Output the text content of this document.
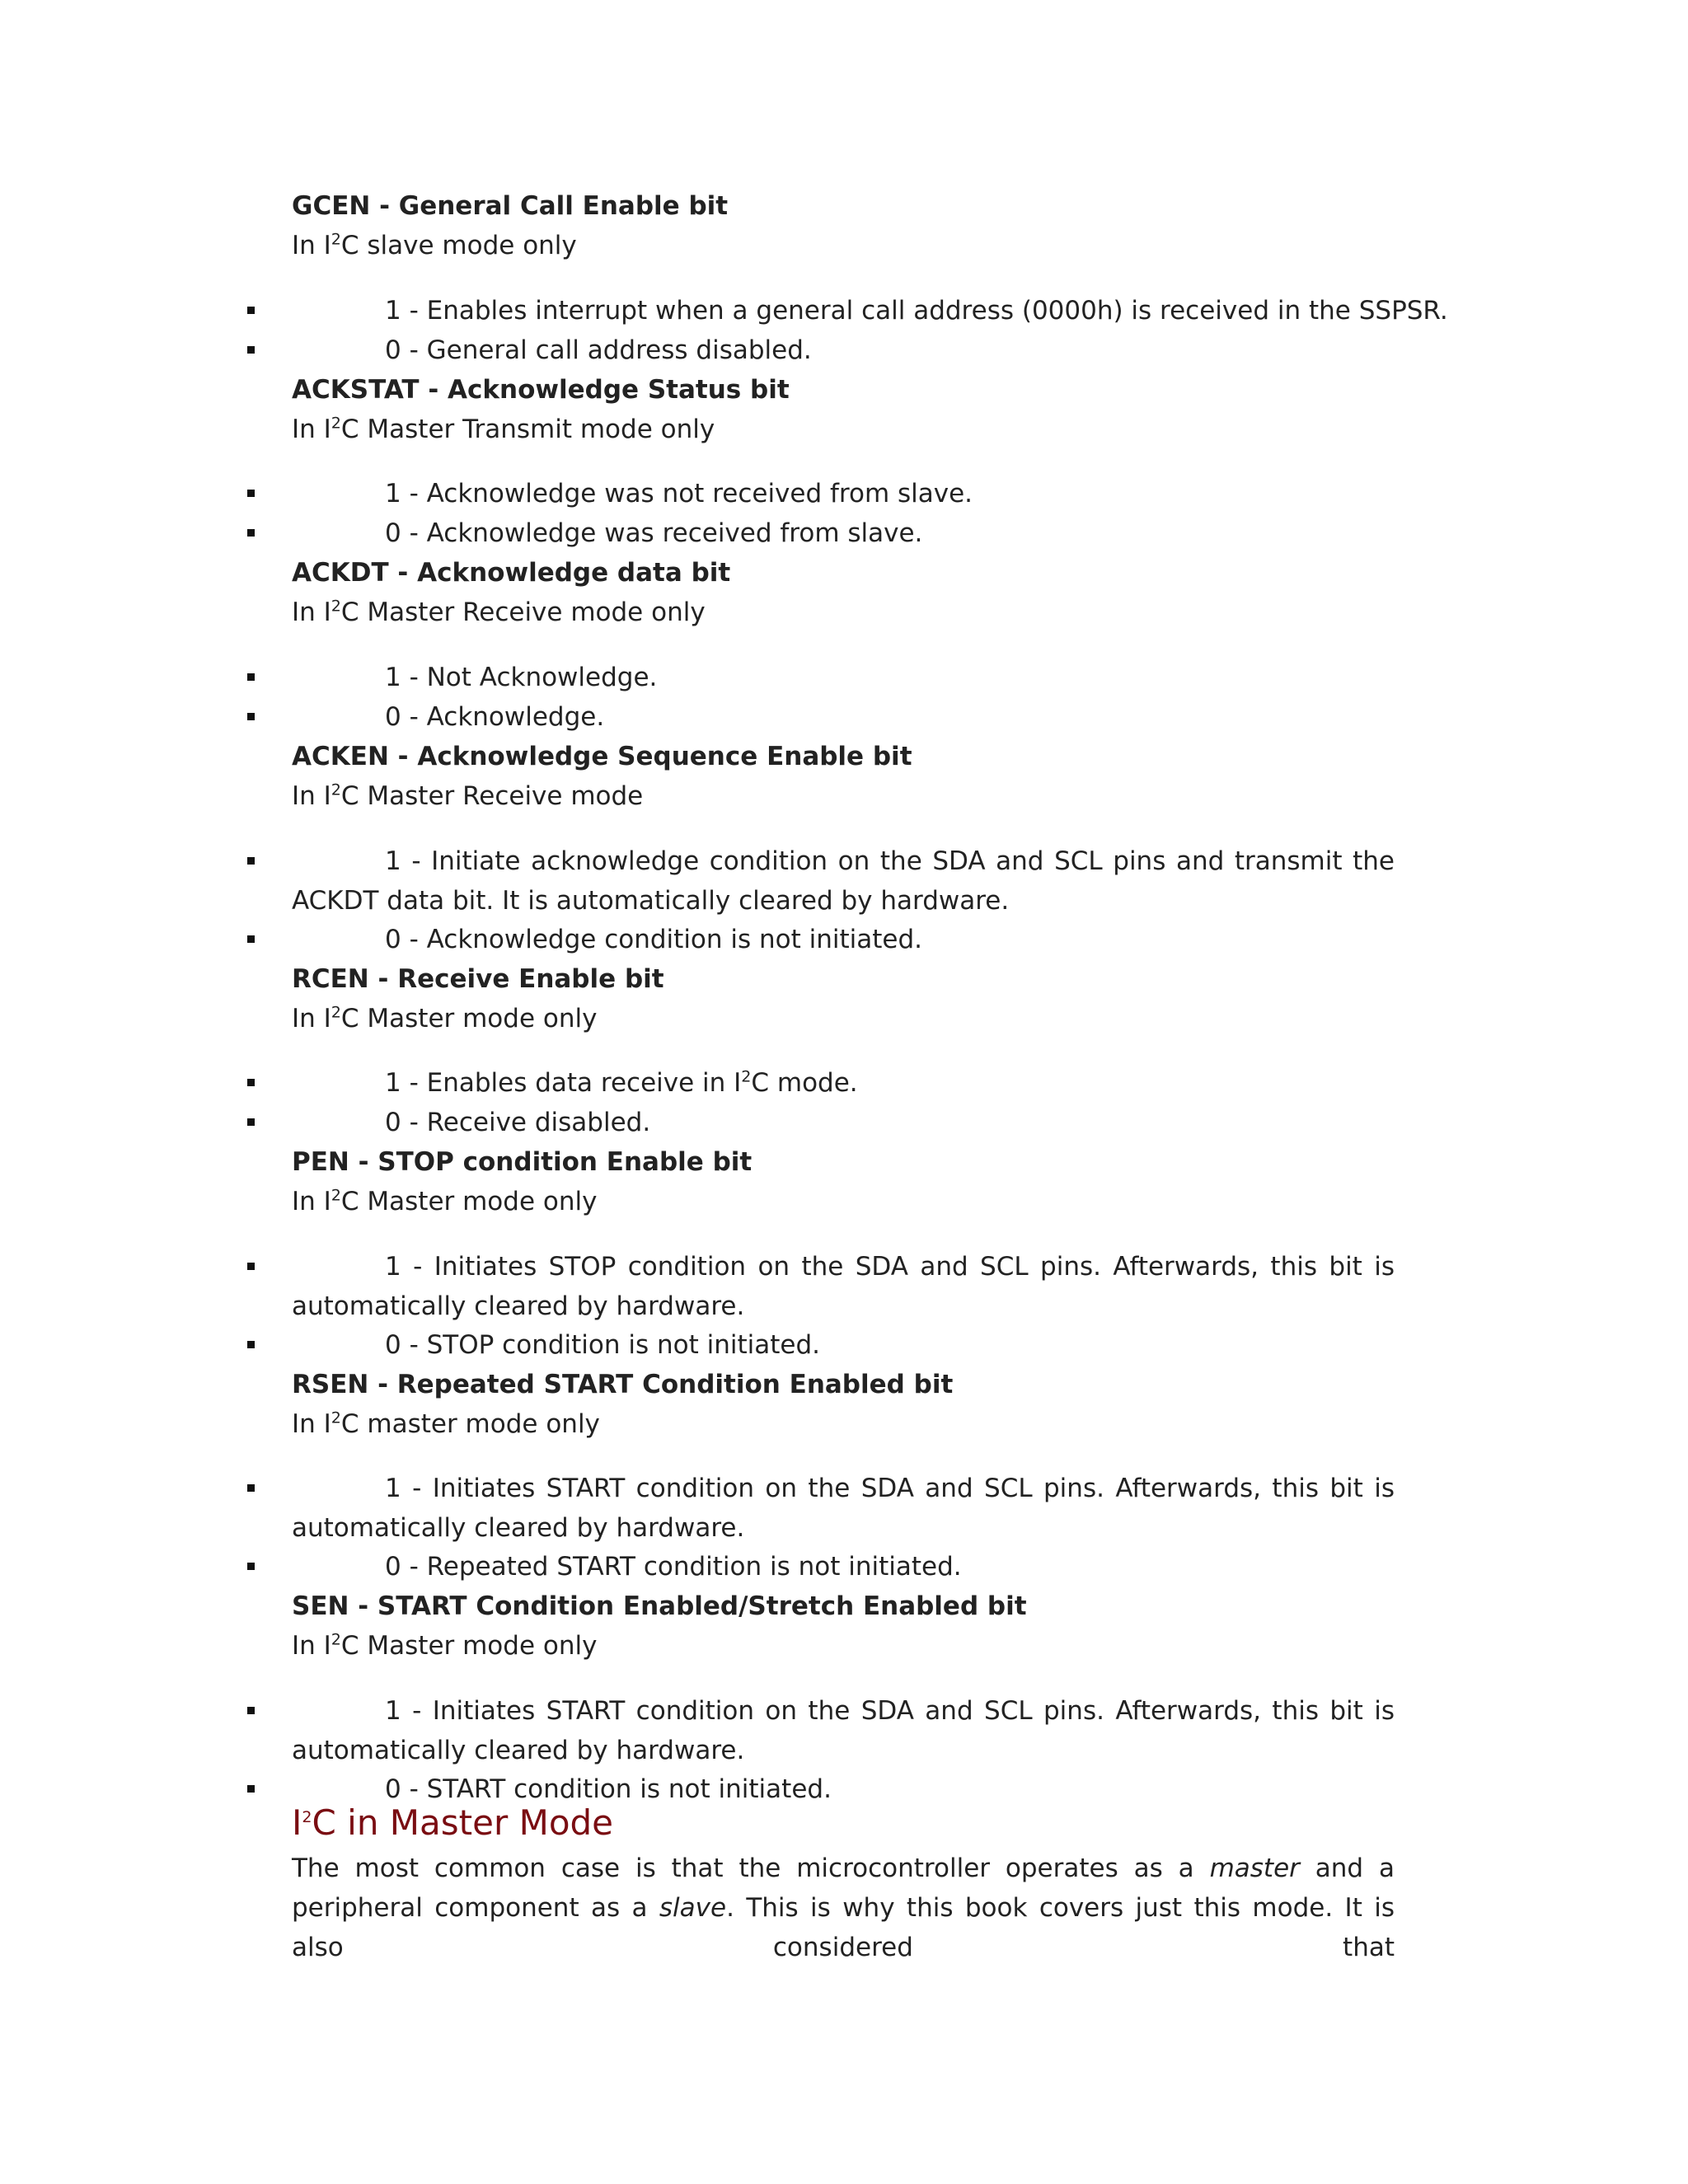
GCEN - General Call Enable bit
In $I^2C$ slave mode only
1 - Enables interrupt when a general call address (0000h) is received in the SSPSR.
0 - General call address disabled.
ACKSTAT - Acknowledge Status bit
In $I^2C$ Master Transmit mode only
1 - Acknowledge was not received from slave.
0 - Acknowledge was received from slave.
ACKDT - Acknowledge data bit
In $I^2C$ Master Receive mode only
1 - Not Acknowledge.
0 - Acknowledge.
ACKEN - Acknowledge Sequence Enable bit
In $I^2C$ Master Receive mode
1 - Initiate acknowledge condition on the SDA and SCL pins and transmit the ACKDT data bit. It is automatically cleared by hardware.
0 - Acknowledge condition is not initiated.
RCEN - Receive Enable bit
In $I^2C$ Master mode only
1 - Enables data receive in $I^2C$ mode.
0 - Receive disabled.
PEN - STOP condition Enable bit
In $I^2C$ Master mode only
1 - Initiates STOP condition on the SDA and SCL pins. Afterwards, this bit is automatically cleared by hardware.
0 - STOP condition is not initiated.
RSEN - Repeated START Condition Enabled bit
In $I^2C$ master mode only
1 - Initiates START condition on the SDA and SCL pins. Afterwards, this bit is automatically cleared by hardware.
0 - Repeated START condition is not initiated.
SEN - START Condition Enabled/Stretch Enabled bit
In $I^2C$ Master mode only
1 - Initiates START condition on the SDA and SCL pins. Afterwards, this bit is automatically cleared by hardware.
0 - START condition is not initiated.
$I^2C$ in Master Mode
The most common case is that the microcontroller operates as a master and a peripheral component as a slave. This is why this book covers just this mode. It is also considered that
